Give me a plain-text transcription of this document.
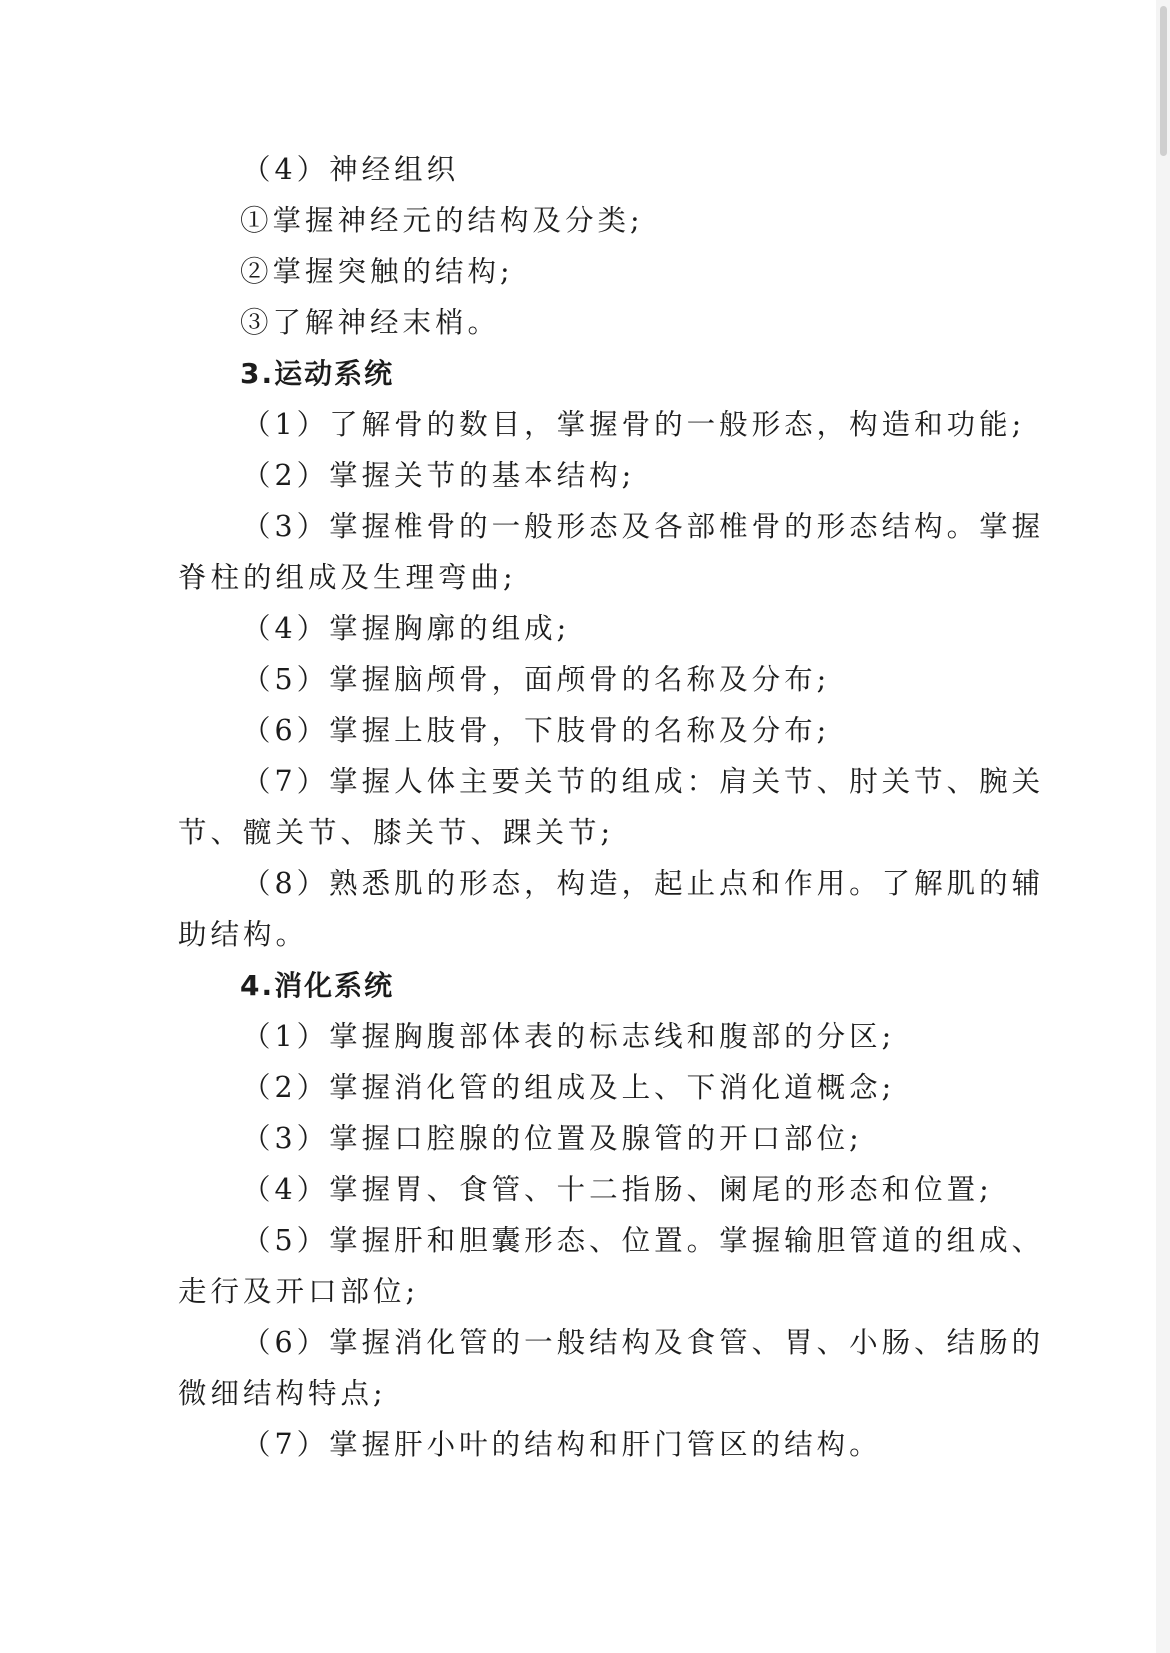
（4）神经组织
①掌握神经元的结构及分类;
②掌握突触的结构;
③了解神经末梢。
3.运动系统
（1）了解骨的数目，掌握骨的一般形态，构造和功能;
（2）掌握关节的基本结构;
（3）掌握椎骨的一般形态及各部椎骨的形态结构。掌握
脊柱的组成及生理弯曲;
（4）掌握胸廓的组成;
（5）掌握脑颅骨，面颅骨的名称及分布;
（6）掌握上肢骨，下肢骨的名称及分布;
（7）掌握人体主要关节的组成：肩关节、肘关节、腕关
节、髋关节、膝关节、踝关节;
（8）熟悉肌的形态，构造，起止点和作用。了解肌的辅
助结构。
4.消化系统
（1）掌握胸腹部体表的标志线和腹部的分区;
（2）掌握消化管的组成及上、下消化道概念;
（3）掌握口腔腺的位置及腺管的开口部位;
（4）掌握胃、食管、十二指肠、阑尾的形态和位置;
（5）掌握肝和胆囊形态、位置。掌握输胆管道的组成、
走行及开口部位;
（6）掌握消化管的一般结构及食管、胃、小肠、结肠的
微细结构特点;
（7）掌握肝小叶的结构和肝门管区的结构。
